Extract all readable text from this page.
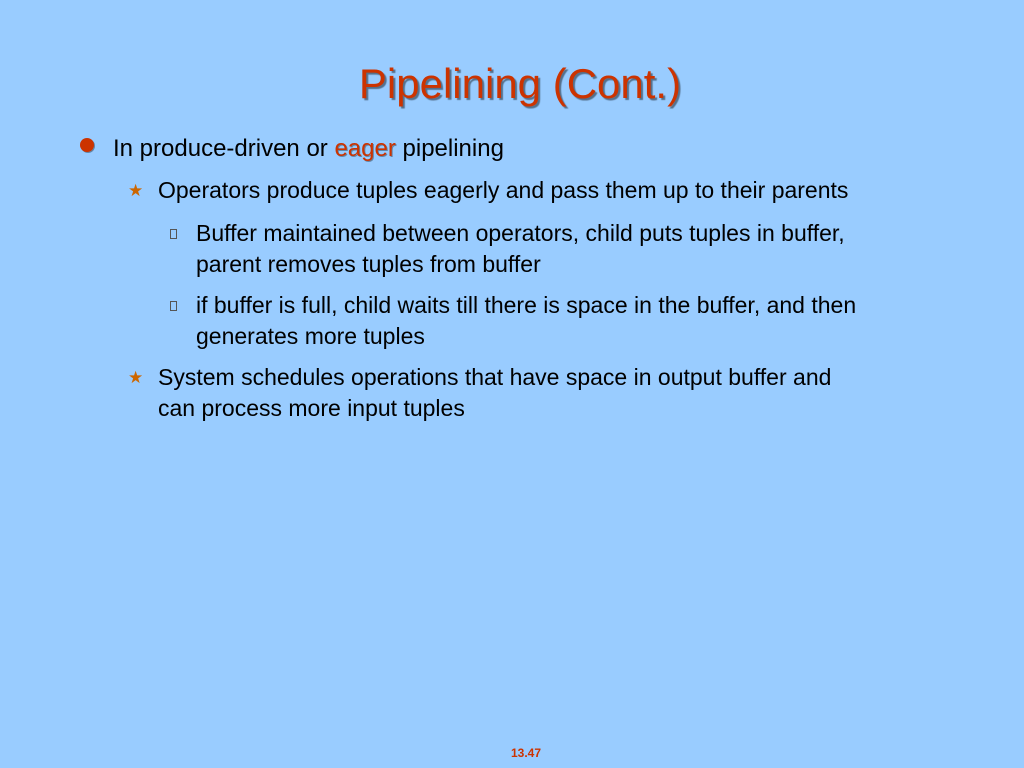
Pipelining (Cont.)
In produce-driven or eager pipelining
★ Operators produce tuples eagerly and pass them up to their parents
Buffer maintained between operators, child puts tuples in buffer,
parent removes tuples from buffer
if buffer is full, child waits till there is space in the buffer, and then
generates more tuples
★ System schedules operations that have space in output buffer and
can process more input tuples
13.47
